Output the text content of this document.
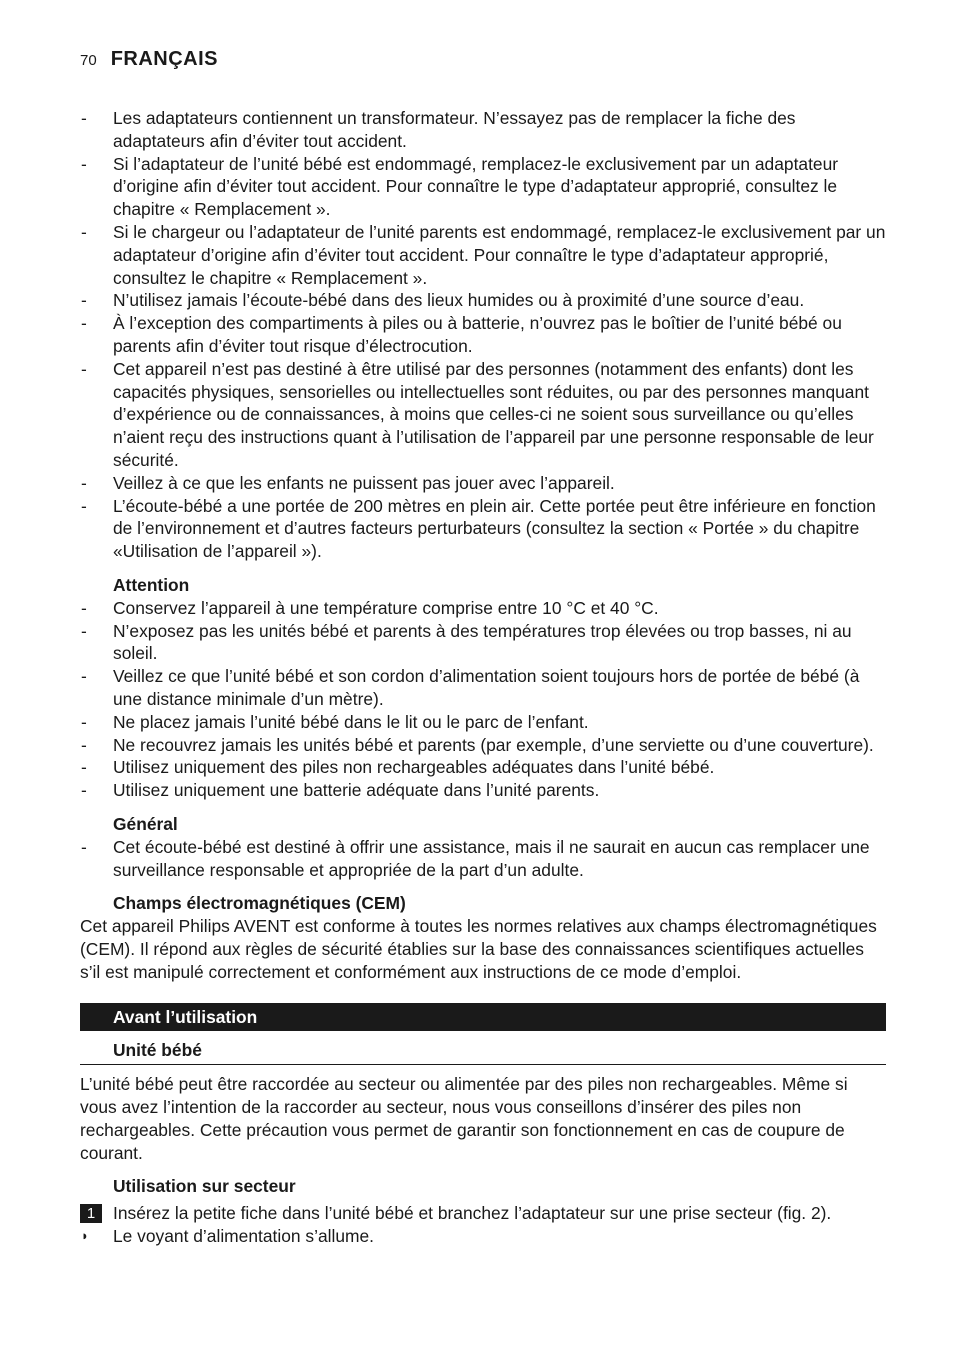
70 FRANÇAIS
- Les adaptateurs contiennent un transformateur. N’essayez pas de remplacer la fiche des adaptateurs afin d’éviter tout accident.
- Si l’adaptateur de l’unité bébé est endommagé, remplacez-le exclusivement par un adaptateur d’origine afin d’éviter tout accident. Pour connaître le type d’adaptateur approprié, consultez le chapitre « Remplacement ».
- Si le chargeur ou l’adaptateur de l’unité parents est endommagé, remplacez-le exclusivement par un adaptateur d’origine afin d’éviter tout accident. Pour connaître le type d’adaptateur approprié, consultez le chapitre « Remplacement ».
- N’utilisez jamais l’écoute-bébé dans des lieux humides ou à proximité d’une source d’eau.
- À l’exception des compartiments à piles ou à batterie, n’ouvrez pas le boîtier de l’unité bébé ou parents afin d’éviter tout risque d’électrocution.
- Cet appareil n’est pas destiné à être utilisé par des personnes (notamment des enfants) dont les capacités physiques, sensorielles ou intellectuelles sont réduites, ou par des personnes manquant d’expérience ou de connaissances, à moins que celles-ci ne soient sous surveillance ou qu’elles n’aient reçu des instructions quant à l’utilisation de l’appareil par une personne responsable de leur sécurité.
- Veillez à ce que les enfants ne puissent pas jouer avec l’appareil.
- L’écoute-bébé a une portée de 200 mètres en plein air. Cette portée peut être inférieure en fonction de l’environnement et d’autres facteurs perturbateurs (consultez la section « Portée » du chapitre «Utilisation de l’appareil »).
Attention
- Conservez l’appareil à une température comprise entre 10 °C et 40 °C.
- N’exposez pas les unités bébé et parents à des températures trop élevées ou trop basses, ni au soleil.
- Veillez ce que l’unité bébé et son cordon d’alimentation soient toujours hors de portée de bébé (à une distance minimale d’un mètre).
- Ne placez jamais l’unité bébé dans le lit ou le parc de l’enfant.
- Ne recouvrez jamais les unités bébé et parents (par exemple, d’une serviette ou d’une couverture).
- Utilisez uniquement des piles non rechargeables adéquates dans l’unité bébé.
- Utilisez uniquement une batterie adéquate dans l’unité parents.
Général
- Cet écoute-bébé est destiné à offrir une assistance, mais il ne saurait en aucun cas remplacer une surveillance responsable et appropriée de la part d’un adulte.
Champs électromagnétiques (CEM)

Cet appareil Philips AVENT est conforme à toutes les normes relatives aux champs électromagnétiques (CEM). Il répond aux règles de sécurité établies sur la base des connaissances scientifiques actuelles s’il est manipulé correctement et conformément aux instructions de ce mode d’emploi.

Avant l’utilisation
Unité bébé

L’unité bébé peut être raccordée au secteur ou alimentée par des piles non rechargeables. Même si vous avez l’intention de la raccorder au secteur, nous vous conseillons d’insérer des piles non rechargeables. Cette précaution vous permet de garantir son fonctionnement en cas de coupure de courant.

Utilisation sur secteur
1	Insérez la petite fiche dans l’unité bébé et branchez l’adaptateur sur une prise secteur (fig. 2).
◗ Le voyant d’alimentation s’allume.
